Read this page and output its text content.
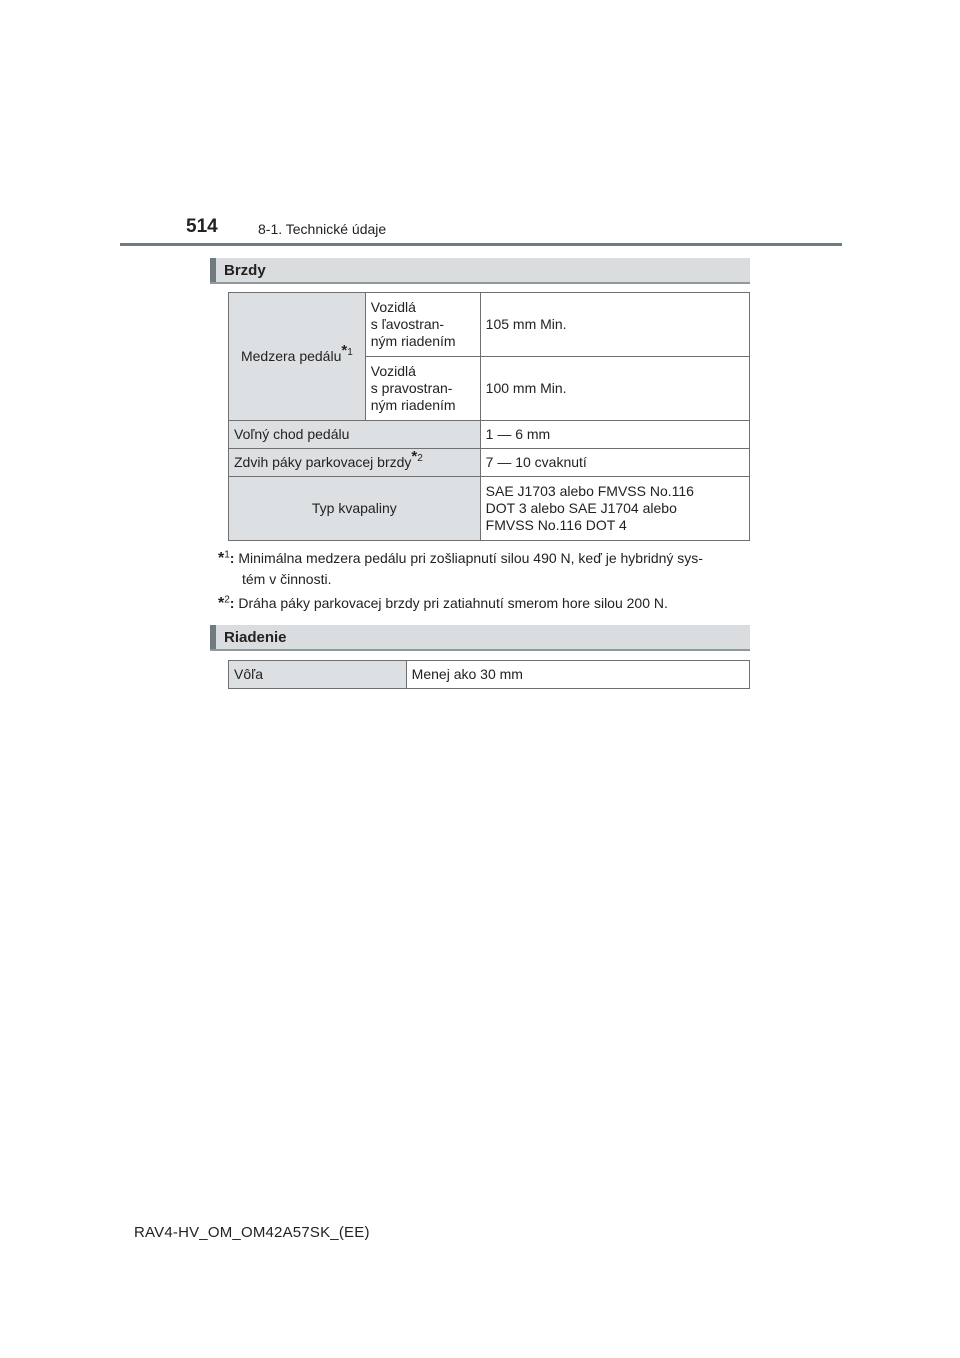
514	8-1. Technické údaje
Brzdy
Medzera pedálu$^{*1}$	Vozidlá
s ľavostran-
ným riadením	105 mm Min.

	Vozidlá
s pravostran-
ným riadením	100 mm Min.
Voľný chod pedálu		1 — 6 mm
Zdvih páky parkovacej brzdy$^{*2}$		7 — 10 cvaknutí
Typ kvapaliny		SAE J1703 alebo FMVSS No.116
DOT 3 alebo SAE J1704 alebo
FMVSS No.116 DOT 4
*$^1$: Minimálna medzera pedálu pri zošliapnutí silou 490 N, keď je hybridný sys-
tém v činnosti.
*$^2$: Dráha páky parkovacej brzdy pri zatiahnutí smerom hore silou 200 N.
Riadenie
Vôľa	Menej ako 30 mm
RAV4-HV_OM_OM42A57SK_(EE)
